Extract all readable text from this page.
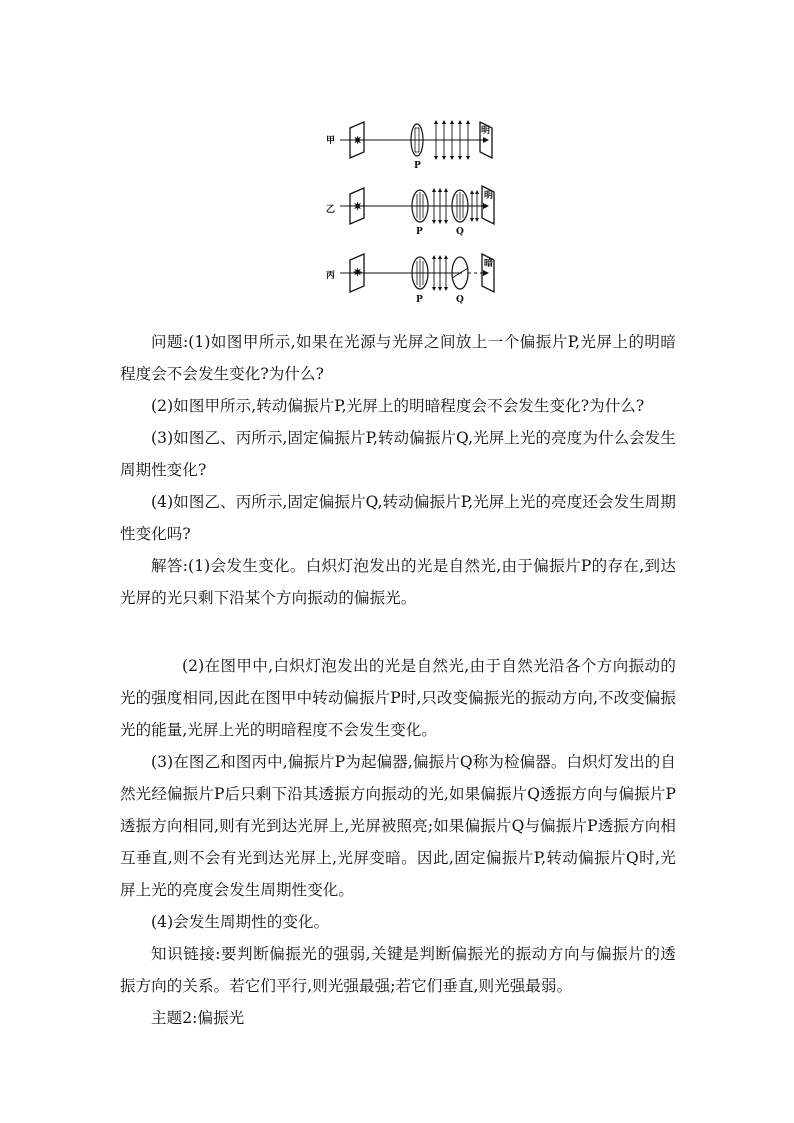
甲 ✷
P
明
乙 ✷
P	Q
明
丙 ✷
P	Q
暗

问题:(1)如图甲所示,如果在光源与光屏之间放上一个偏振片P,光屏上的明暗程度会不会发生变化?为什么?

(2)如图甲所示,转动偏振片P,光屏上的明暗程度会不会发生变化?为什么?

(3)如图乙、丙所示,固定偏振片P,转动偏振片Q,光屏上光的亮度为什么会发生周期性变化?

(4)如图乙、丙所示,固定偏振片Q,转动偏振片P,光屏上光的亮度还会发生周期性变化吗?

解答:(1)会发生变化。白炽灯泡发出的光是自然光,由于偏振片P的存在,到达光屏的光只剩下沿某个方向振动的偏振光。

(2)在图甲中,白炽灯泡发出的光是自然光,由于自然光沿各个方向振动的光的强度相同,因此在图甲中转动偏振片P时,只改变偏振光的振动方向,不改变偏振光的能量,光屏上光的明暗程度不会发生变化。

(3)在图乙和图丙中,偏振片P为起偏器,偏振片Q称为检偏器。白炽灯发出的自然光经偏振片P后只剩下沿其透振方向振动的光,如果偏振片Q透振方向与偏振片P透振方向相同,则有光到达光屏上,光屏被照亮;如果偏振片Q与偏振片P透振方向相互垂直,则不会有光到达光屏上,光屏变暗。因此,固定偏振片P,转动偏振片Q时,光屏上光的亮度会发生周期性变化。

(4)会发生周期性的变化。

知识链接:要判断偏振光的强弱,关键是判断偏振光的振动方向与偏振片的透振方向的关系。若它们平行,则光强最强;若它们垂直,则光强最弱。

主题2:偏振光
